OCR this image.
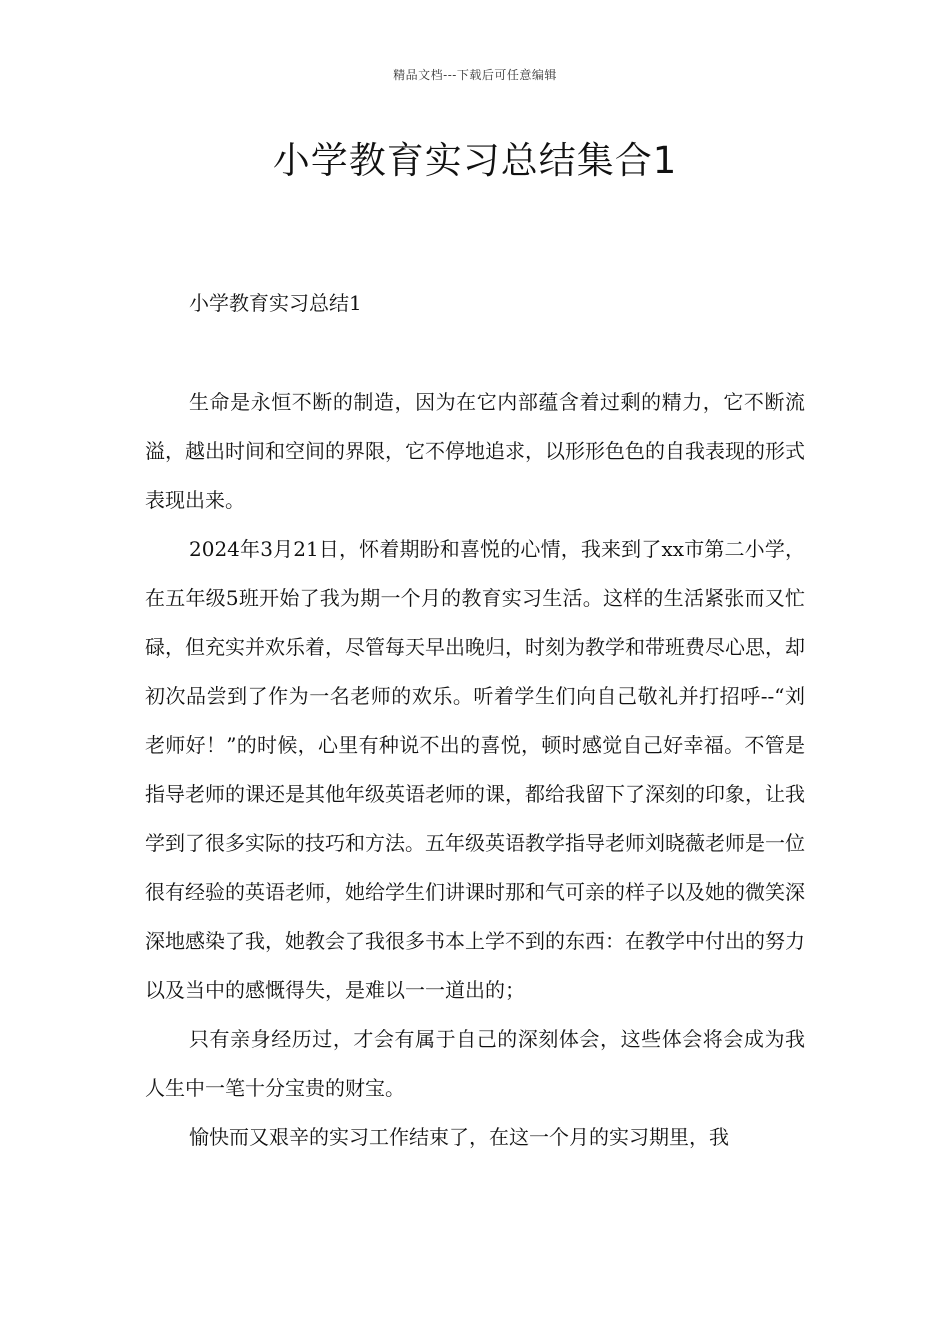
精品文档---下载后可任意编辑
小学教育实习总结集合1
小学教育实习总结1

生命是永恒不断的制造，因为在它内部蕴含着过剩的精力，它不断流溢，越出时间和空间的界限，它不停地追求，以形形色色的自我表现的形式表现出来。

2024年3月21日，怀着期盼和喜悦的心情，我来到了xx市第二小学，在五年级5班开始了我为期一个月的教育实习生活。这样的生活紧张而又忙碌，但充实并欢乐着，尽管每天早出晚归，时刻为教学和带班费尽心思，却初次品尝到了作为一名老师的欢乐。听着学生们向自己敬礼并打招呼--“刘老师好！”的时候，心里有种说不出的喜悦，顿时感觉自己好幸福。不管是指导老师的课还是其他年级英语老师的课，都给我留下了深刻的印象，让我学到了很多实际的技巧和方法。五年级英语教学指导老师刘晓薇老师是一位很有经验的英语老师，她给学生们讲课时那和气可亲的样子以及她的微笑深深地感染了我，她教会了我很多书本上学不到的东西：在教学中付出的努力以及当中的感慨得失，是难以一一道出的；

只有亲身经历过，才会有属于自己的深刻体会，这些体会将会成为我人生中一笔十分宝贵的财宝。

愉快而又艰辛的实习工作结束了，在这一个月的实习期里，我
